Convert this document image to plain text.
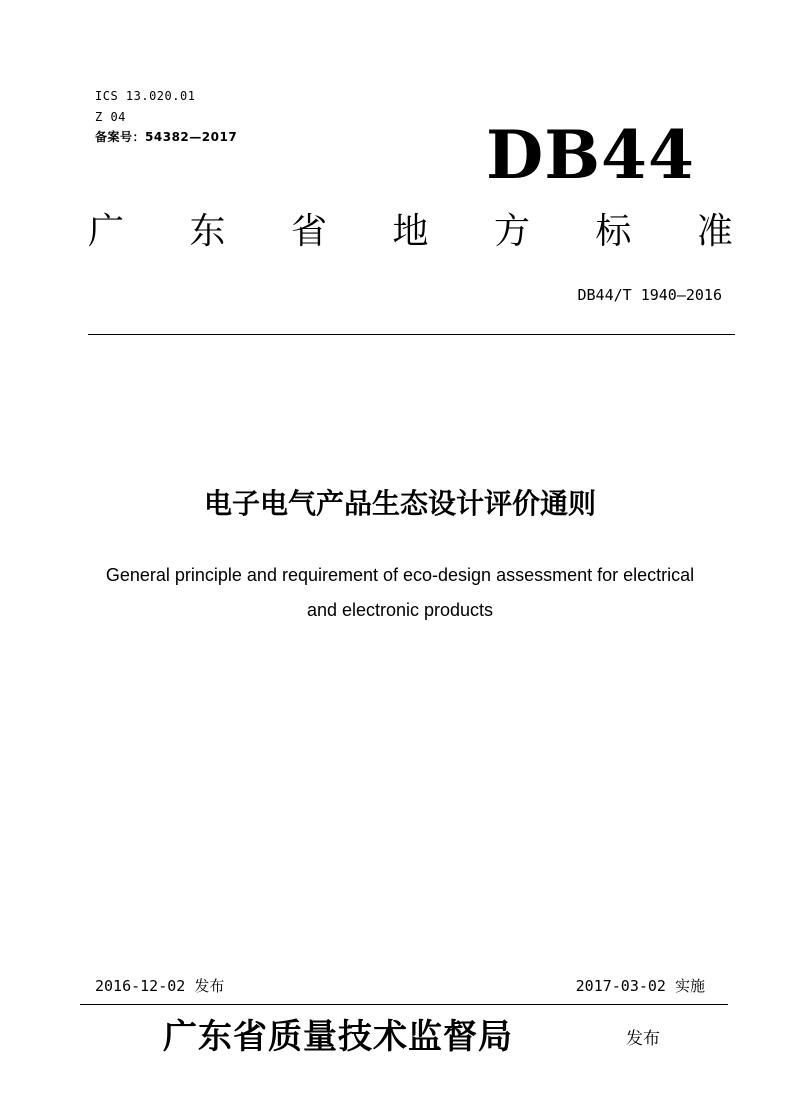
ICS 13.020.01
Z 04
备案号：54382—2017	DB44
广 东 省 地 方 标 准
DB44/T 1940—2016
电子电气产品生态设计评价通则
General principle and requirement of eco-design assessment for electrical
and electronic products
2016-12-02 发布	2017-03-02 实施
广东省质量技术监督局	发布
